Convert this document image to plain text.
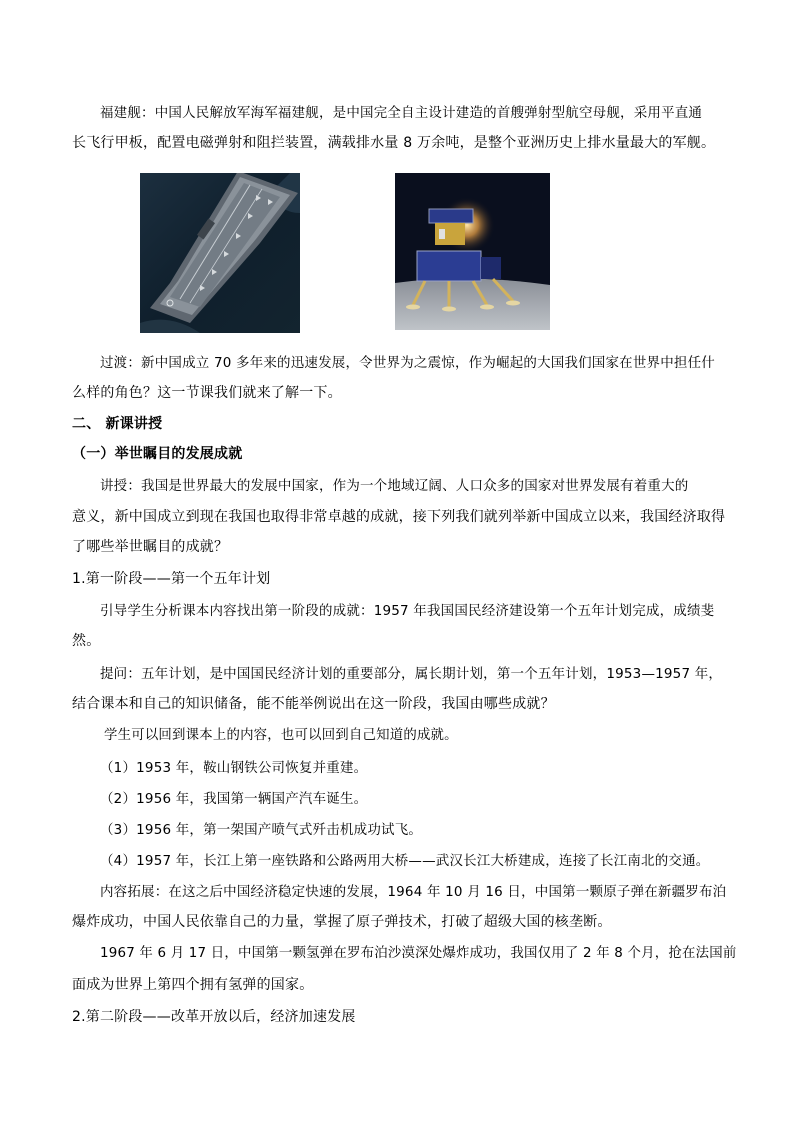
福建舰：中国人民解放军海军福建舰，是中国完全自主设计建造的首艘弹射型航空母舰，采用平直通

长飞行甲板，配置电磁弹射和阻拦装置，满载排水量 8 万余吨，是整个亚洲历史上排水量最大的军舰。

过渡：新中国成立 70 多年来的迅速发展，令世界为之震惊，作为崛起的大国我们国家在世界中担任什

么样的角色？这一节课我们就来了解一下。

二、 新课讲授

（一）举世瞩目的发展成就

讲授：我国是世界最大的发展中国家，作为一个地域辽阔、人口众多的国家对世界发展有着重大的

意义，新中国成立到现在我国也取得非常卓越的成就，接下列我们就列举新中国成立以来，我国经济取得

了哪些举世瞩目的成就？

1.第一阶段——第一个五年计划

引导学生分析课本内容找出第一阶段的成就：1957 年我国国民经济建设第一个五年计划完成，成绩斐

然。

提问：五年计划，是中国国民经济计划的重要部分，属长期计划，第一个五年计划，1953—1957 年，

结合课本和自己的知识储备，能不能举例说出在这一阶段，我国由哪些成就？

学生可以回到课本上的内容，也可以回到自己知道的成就。

（1）1953 年，鞍山钢铁公司恢复并重建。

（2）1956 年，我国第一辆国产汽车诞生。

（3）1956 年，第一架国产喷气式歼击机成功试飞。

（4）1957 年，长江上第一座铁路和公路两用大桥——武汉长江大桥建成，连接了长江南北的交通。

内容拓展：在这之后中国经济稳定快速的发展，1964 年 10 月 16 日，中国第一颗原子弹在新疆罗布泊

爆炸成功，中国人民依靠自己的力量，掌握了原子弹技术，打破了超级大国的核垄断。

1967 年 6 月 17 日，中国第一颗氢弹在罗布泊沙漠深处爆炸成功，我国仅用了 2 年 8 个月，抢在法国前

面成为世界上第四个拥有氢弹的国家。

2.第二阶段——改革开放以后，经济加速发展
